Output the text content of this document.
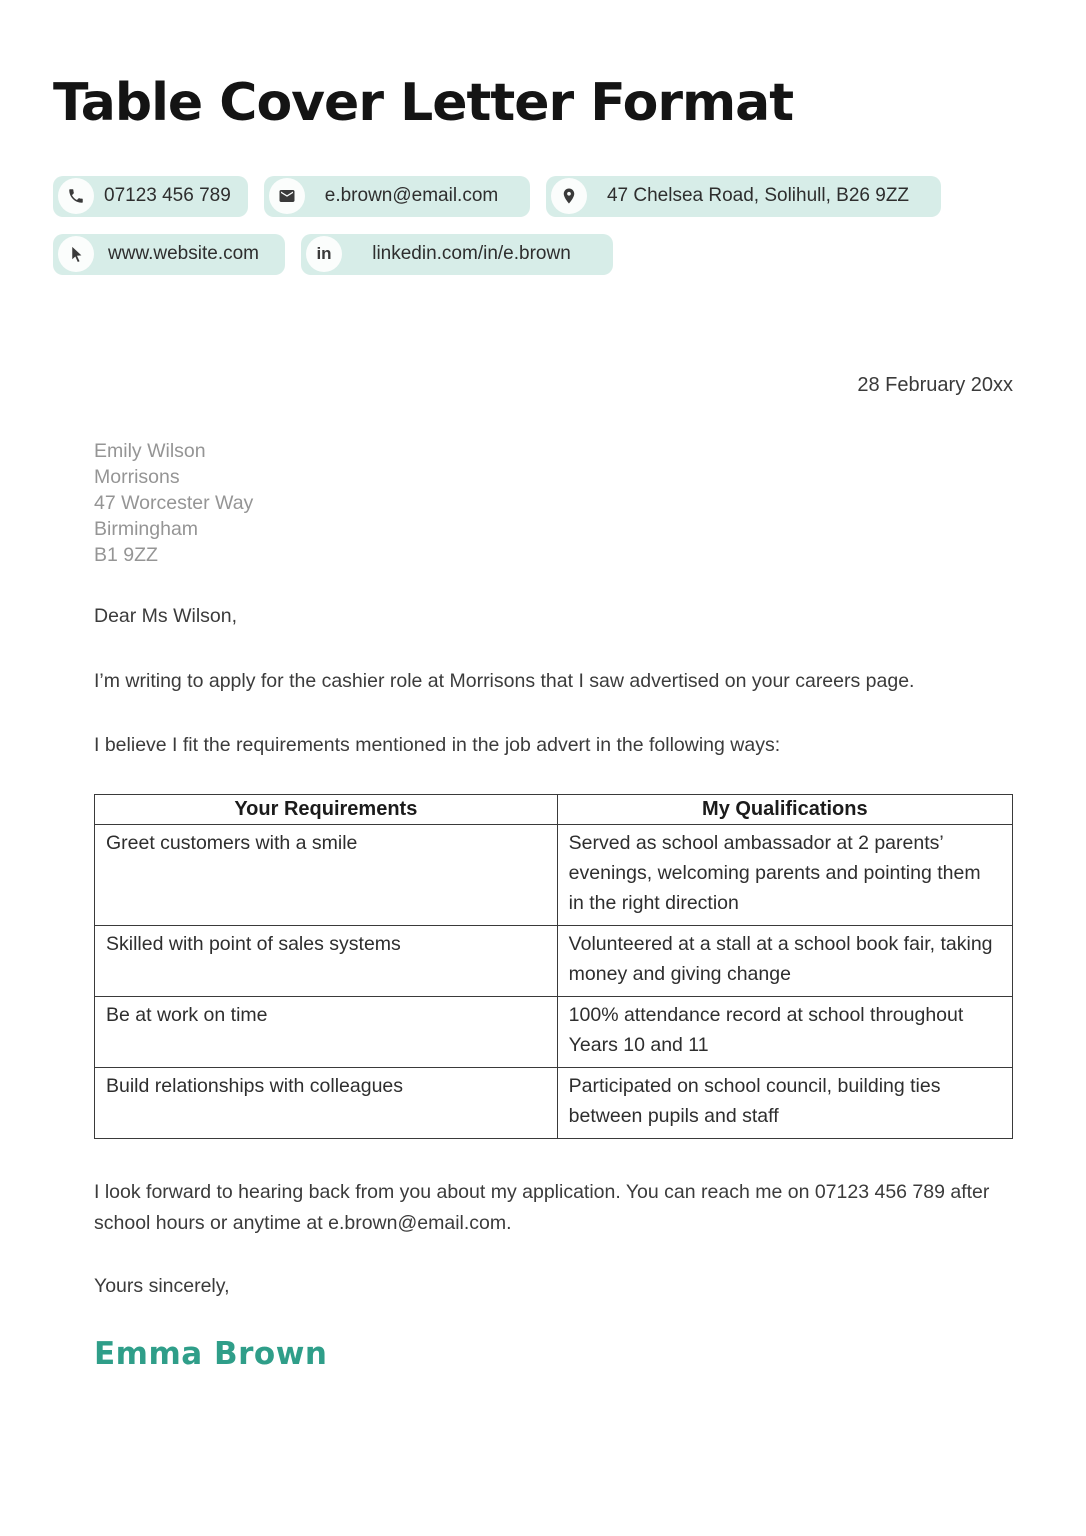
Table Cover Letter Format
07123 456 789	e.brown@email.com	47 Chelsea Road, Solihull, B26 9ZZ
www.website.com	in	linkedin.com/in/e.brown
28 February 20xx
Emily Wilson
Morrisons
47 Worcester Way
Birmingham
B1 9ZZ

Dear Ms Wilson,

I’m writing to apply for the cashier role at Morrisons that I saw advertised on your careers page.

I believe I fit the requirements mentioned in the job advert in the following ways:

Your Requirements	My Qualifications
Greet customers with a smile	Served as school ambassador at 2 parents’ evenings, welcoming parents and pointing them in the right direction
Skilled with point of sales systems	Volunteered at a stall at a school book fair, taking money and giving change
Be at work on time	100% attendance record at school throughout Years 10 and 11
Build relationships with colleagues	Participated on school council, building ties between pupils and staff

I look forward to hearing back from you about my application. You can reach me on 07123 456 789 after school hours or anytime at e.brown@email.com.

Yours sincerely,

Emma Brown
